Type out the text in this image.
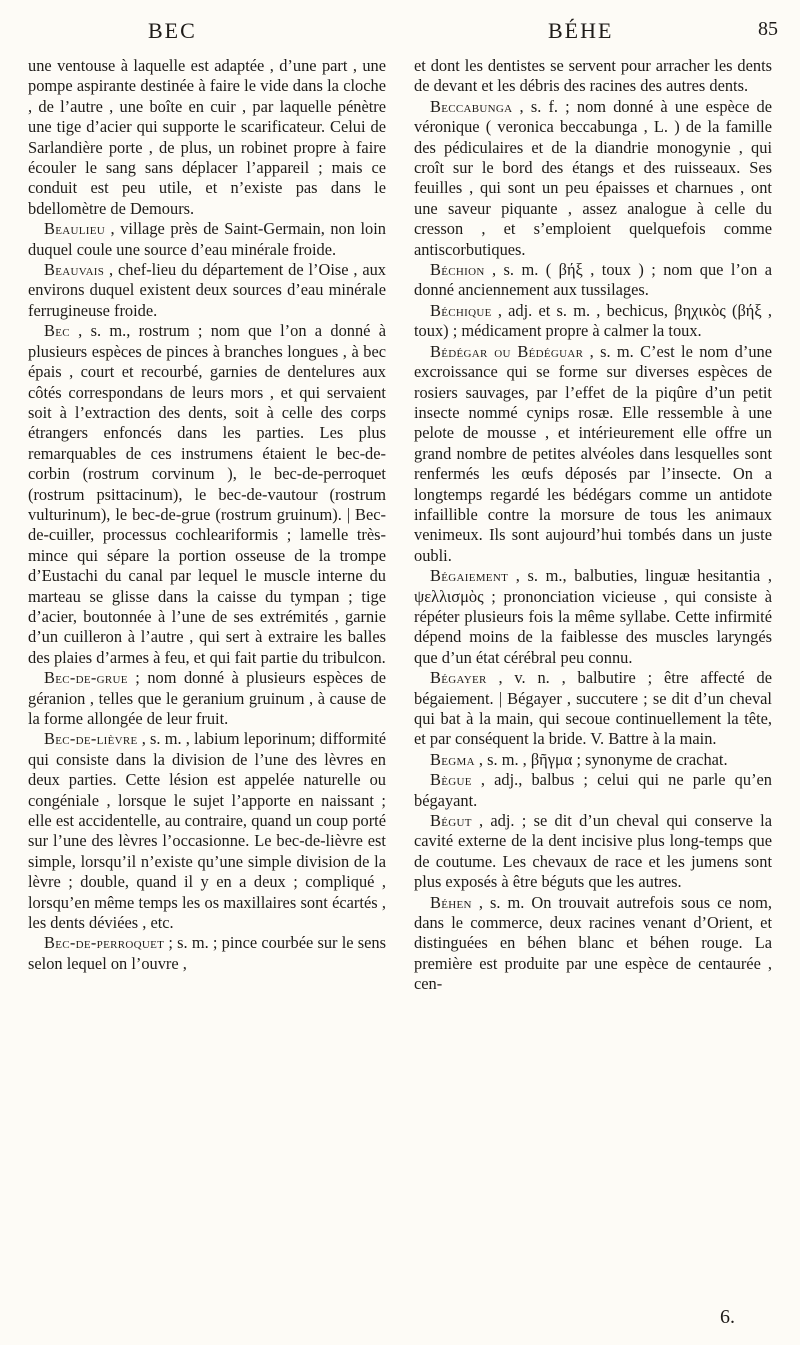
BEC	BÉHE	85

une ventouse à laquelle est adaptée , d’une part , une pompe aspirante destinée à faire le vide dans la cloche , de l’autre , une boîte en cuir , par laquelle pénètre une tige d’acier qui supporte le scarificateur. Celui de Sarlandière porte , de plus, un robinet propre à faire écouler le sang sans déplacer l’appareil ; mais ce conduit est peu utile, et n’existe pas dans le bdellomètre de Demours.

Beaulieu , village près de Saint-Germain, non loin duquel coule une source d’eau minérale froide.

Beauvais , chef-lieu du département de l’Oise , aux environs duquel existent deux sources d’eau minérale ferrugineuse froide.

Bec , s. m., rostrum ; nom que l’on a donné à plusieurs espèces de pinces à branches longues , à bec épais , court et recourbé, garnies de dentelures aux côtés correspondans de leurs mors , et qui servaient soit à l’extraction des dents, soit à celle des corps étrangers enfoncés dans les parties. Les plus remarquables de ces instrumens étaient le bec-de-corbin (rostrum corvinum ), le bec-de-perroquet (rostrum psittacinum), le bec-de-vautour (rostrum vulturinum), le bec-de-grue (rostrum gruinum). | Bec-de-cuiller, processus cochleariformis ; lamelle très-mince qui sépare la portion osseuse de la trompe d’Eustachi du canal par lequel le muscle interne du marteau se glisse dans la caisse du tympan ; tige d’acier, boutonnée à l’une de ses extrémités , garnie d’un cuilleron à l’autre , qui sert à extraire les balles des plaies d’armes à feu, et qui fait partie du tribulcon.

Bec-de-grue ; nom donné à plusieurs espèces de géranion , telles que le geranium gruinum , à cause de la forme allongée de leur fruit.

Bec-de-lièvre , s. m. , labium leporinum; difformité qui consiste dans la division de l’une des lèvres en deux parties. Cette lésion est appelée naturelle ou congéniale , lorsque le sujet l’apporte en naissant ; elle est accidentelle, au contraire, quand un coup porté sur l’une des lèvres l’occasionne. Le bec-de-lièvre est simple, lorsqu’il n’existe qu’une simple division de la lèvre ; double, quand il y en a deux ; compliqué , lorsqu’en même temps les os maxillaires sont écartés , les dents déviées , etc.

Bec-de-perroquet ; s. m. ; pince courbée sur le sens selon lequel on l’ouvre ,

et dont les dentistes se servent pour arracher les dents de devant et les débris des racines des autres dents.

Beccabunga , s. f. ; nom donné à une espèce de véronique ( veronica beccabunga , L. ) de la famille des pédiculaires et de la diandrie monogynie , qui croît sur le bord des étangs et des ruisseaux. Ses feuilles , qui sont un peu épaisses et charnues , ont une saveur piquante , assez analogue à celle du cresson , et s’emploient quelquefois comme antiscorbutiques.

Béchion , s. m. ( βήξ , toux ) ; nom que l’on a donné anciennement aux tussilages.

Béchique , adj. et s. m. , bechicus, βηχικὸς (βήξ , toux) ; médicament propre à calmer la toux.

Bédégar ou Bédéguar , s. m. C’est le nom d’une excroissance qui se forme sur diverses espèces de rosiers sauvages, par l’effet de la piqûre d’un petit insecte nommé cynips rosæ. Elle ressemble à une pelote de mousse , et intérieurement elle offre un grand nombre de petites alvéoles dans lesquelles sont renfermés les œufs déposés par l’insecte. On a longtemps regardé les bédégars comme un antidote infaillible contre la morsure de tous les animaux venimeux. Ils sont aujourd’hui tombés dans un juste oubli.

Bégaiement , s. m., balbuties, linguæ hesitantia , ψελλισμὸς ; prononciation vicieuse , qui consiste à répéter plusieurs fois la même syllabe. Cette infirmité dépend moins de la faiblesse des muscles laryngés que d’un état cérébral peu connu.

Bégayer , v. n. , balbutire ; être affecté de bégaiement. | Bégayer , succutere ; se dit d’un cheval qui bat à la main, qui secoue continuellement la tête, et par conséquent la bride. V. Battre à la main.

Begma , s. m. , βῆγμα ; synonyme de crachat.

Bègue , adj., balbus ; celui qui ne parle qu’en bégayant.

Bégut , adj. ; se dit d’un cheval qui conserve la cavité externe de la dent incisive plus long-temps que de coutume. Les chevaux de race et les jumens sont plus exposés à être béguts que les autres.

Béhen , s. m. On trouvait autrefois sous ce nom, dans le commerce, deux racines venant d’Orient, et distinguées en béhen blanc et béhen rouge. La première est produite par une espèce de centaurée , cen-

6.
